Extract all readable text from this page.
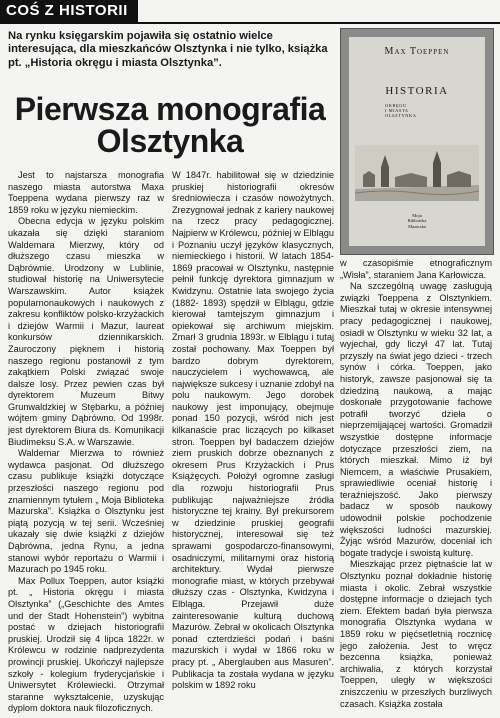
COŚ Z HISTORII
Na rynku księgarskim pojawiła się ostatnio wielce interesująca, dla mieszkańców Olsztynka i nie tylko, książka pt. „Historia okręgu i miasta Olsztynka”.
Pierwsza monografia Olsztynka
Max Toeppen
HISTORIA
OKRĘGU
I MIASTA
OLSZTYNKA
Moja
Biblioteka
Mazurska

Jest to najstarsza monografia naszego miasta autorstwa Maxa Toeppena wydana pierwszy raz w 1859 roku w języku niemieckim.

Obecna edycja w języku polskim ukazała się dzięki staraniom Waldemara Mierzwy, który od dłuższego czasu mieszka w Dąbrównie. Urodzony w Lublinie, studiował historię na Uniwersytecie Warszawskim. Autor książek popularnonaukowych i naukowych z zakresu konfliktów polsko-krzyżackich i dziejów Warmii i Mazur, laureat konkursów dziennikarskich. Zauroczony pięknem i historią naszego regionu postanowił z tym zakątkiem Polski związać swoje dalsze losy. Przez pewien czas był dyrektorem Muzeum Bitwy Grunwaldzkiej w Stębarku, a później wójtem gminy Dąbrówno. Od 1998r. jest dyrektorem Biura ds. Komunikacji Biudimeksu S.A. w Warszawie.

Waldemar Mierzwa to również wydawca pasjonat. Od dłuższego czasu publikuje książki dotyczące przeszłości naszego regionu pod znamiennym tytułem „ Moja Biblioteka Mazurska”. Książka o Olsztynku jest piątą pozycją w tej serii. Wcześniej ukazały się dwie książki z dziejów Dąbrówna, jedna Rynu, a jedna stanowi wybór reportażu o Warmii i Mazurach po 1945 roku.

Max Pollux Toeppen, autor książki pt. „ Historia okręgu i miasta Olsztynka” („Geschichte des Amtes und der Stadt Hohenstein”) wybitna postać w dziejach historiografii pruskiej. Urodził się 4 lipca 1822r. w Królewcu w rodzinie nadprezydenta prowincji pruskiej. Ukończył najlepsze szkoły - kolegium fryderycjańskie i Uniwersytet Królewiecki. Otrzymał staranne wykształcenie, uzyskując dyplom doktora nauk filozoficznych.

W 1847r. habilitował się w dziedzinie pruskiej historiografii okresów średniowiecza i czasów nowożytnych. Zrezygnował jednak z kariery naukowej na rzecz pracy pedagogicznej. Najpierw w Królewcu, później w Elblągu i Poznaniu uczył języków klasycznych, niemieckiego i historii. W latach 1854- 1869 pracował w Olsztynku, następnie pełnił funkcję dyrektora gimnazjum w Kwidzynu. Ostatnie lata swojego życia (1882- 1893) spędził w Elblągu, gdzie kierował tamtejszym gimnazjum i opiekował się archiwum miejskim. Zmarł 3 grudnia 1893r. w Elblągu i tutaj został pochowany. Max Toeppen był bardzo dobrym dyrektorem, nauczycielem i wychowawcą, ale największe sukcesy i uznanie zdobył na polu naukowym. Jego dorobek naukowy jest imponujący, obejmuje ponad 150 pozycji, wśród nich jest kilkanaście prac liczących po kilkaset stron. Toeppen był badaczem dziejów ziem pruskich dobrze obeznanych z okresem Prus Krzyżackich i Prus Książęcych. Położył ogromne zasługi dla rozwoju historiografii Prus publikując najważniejsze źródła historyczne tej krainy. Był prekursorem w dziedzinie pruskiej geografii historycznej, interesował się też sprawami gospodarczo-finansowymi, osadniczymi, militarnymi oraz historią architektury. Wydał pierwsze monografie miast, w których przebywał dłuższy czas - Olsztynka, Kwidzyna i Elbląga. Przejawił duże zainteresowanie kulturą duchową Mazurów. Zebrał w okolicach Olsztynka ponad czterdzieści podań i baśni mazurskich i wydał w 1866 roku w pracy pt. „ Aberglauben aus Masuren”. Publikacja ta została wydana w języku polskim w 1892 roku

w czasopiśmie etnograficznym „Wisła”, staraniem Jana Karłowicza.

Na szczególną uwagę zasługują związki Toeppena z Olsztynkiem. Mieszkał tutaj w okresie intensywnej pracy pedagogicznej i naukowej, osiadł w Olsztynku w wieku 32 lat, a wyjechał, gdy liczył 47 lat. Tutaj przyszły na świat jego dzieci - trzech synów i córka. Toeppen, jako historyk, zawsze pasjonował się ta dziedziną naukową, a mając doskonałe przygotowanie fachowe potrafił tworzyć dzieła o nieprzemijającej wartości. Gromadził wszystkie dostępne informacje dotyczące przeszłości ziem, na których mieszkał. Mimo iż był Niemcem, a właściwie Prusakiem, sprawiedliwie oceniał historię i teraźniejszość. Jako pierwszy badacz w sposób naukowy udowodnił polskie pochodzenie większości ludności mazurskiej. Żyjąc wśród Mazurów, doceniał ich bogate tradycje i swoistą kulturę.

Mieszkając przez piętnaście lat w Olsztynku poznał dokładnie historię miasta i okolic. Zebrał wszystkie dostępne informacje o dziejach tych ziem. Efektem badań była pierwsza monografia Olsztynka wydana w 1859 roku w pięćsetletnią rocznicę jego założenia. Jest to wręcz bezcenna książka, ponieważ archiwalia, z których korzystał Toeppen, uległy w większości zniszczeniu w przeszłych burzliwych czasach. Książka została
